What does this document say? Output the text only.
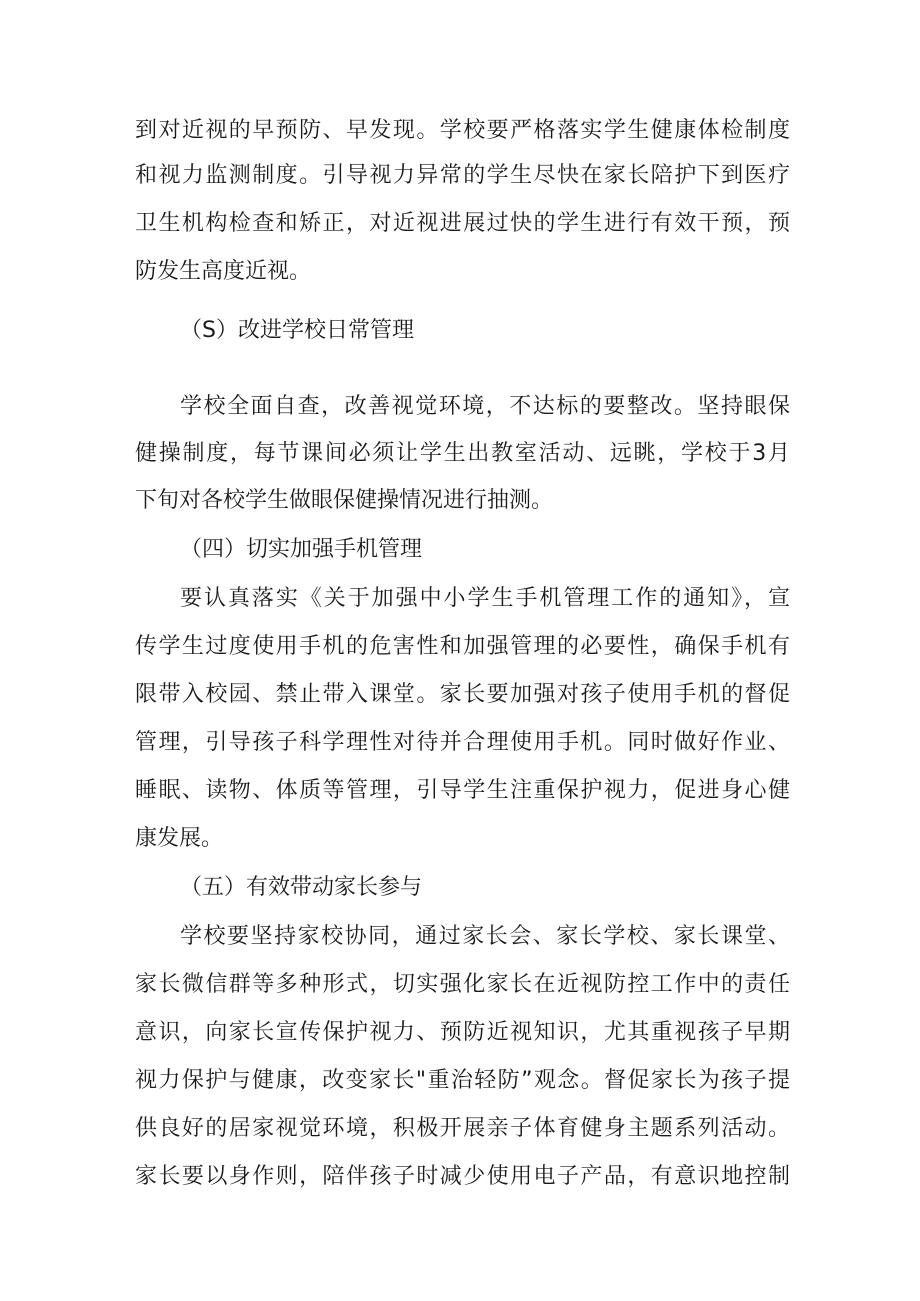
到对近视的早预防、早发现。学校要严格落实学生健康体检制度
和视力监测制度。引导视力异常的学生尽快在家长陪护下到医疗
卫生机构检查和矫正，对近视进展过快的学生进行有效干预，预
防发生高度近视。
（S）改进学校日常管理
学校全面自查，改善视觉环境，不达标的要整改。坚持眼保
健操制度，每节课间必须让学生出教室活动、远眺，学校于3月
下旬对各校学生做眼保健操情况进行抽测。
（四）切实加强手机管理
要认真落实《关于加强中小学生手机管理工作的通知》，宣
传学生过度使用手机的危害性和加强管理的必要性，确保手机有
限带入校园、禁止带入课堂。家长要加强对孩子使用手机的督促
管理，引导孩子科学理性对待并合理使用手机。同时做好作业、
睡眠、读物、体质等管理，引导学生注重保护视力，促进身心健
康发展。
（五）有效带动家长参与
学校要坚持家校协同，通过家长会、家长学校、家长课堂、
家长微信群等多种形式，切实强化家长在近视防控工作中的责任
意识，向家长宣传保护视力、预防近视知识，尤其重视孩子早期
视力保护与健康，改变家长"重治轻防”观念。督促家长为孩子提
供良好的居家视觉环境，积极开展亲子体育健身主题系列活动。
家长要以身作则，陪伴孩子时减少使用电子产品，有意识地控制
